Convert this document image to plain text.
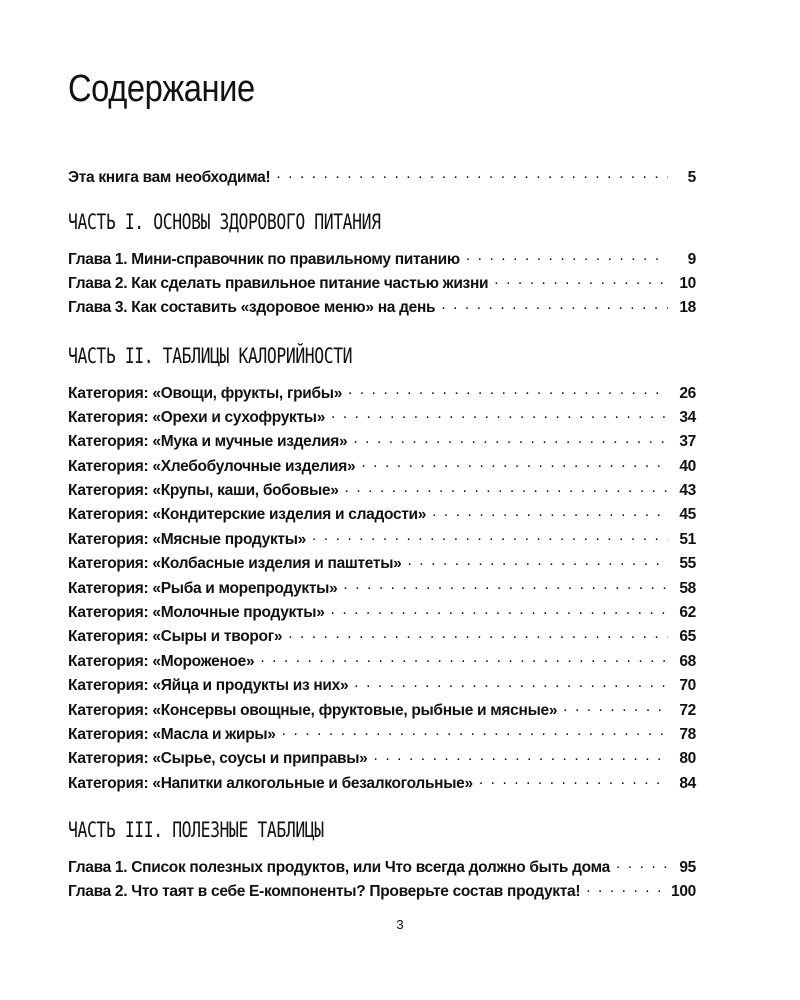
Содержание
Эта книга вам необходима! . . .	5
ЧАСТЬ I. ОСНОВЫ ЗДОРОВОГО ПИТАНИЯ
Глава 1. Мини-справочник по правильному питанию . . .	9
Глава 2. Как сделать правильное питание частью жизни . . .	10
Глава 3. Как составить «здоровое меню» на день . . .	18
ЧАСТЬ II. ТАБЛИЦЫ КАЛОРИЙНОСТИ
Категория: «Овощи, фрукты, грибы» . . .	26
Категория: «Орехи и сухофрукты» . . .	34
Категория: «Мука и мучные изделия» . . .	37
Категория: «Хлебобулочные изделия» . . .	40
Категория: «Крупы, каши, бобовые» . . .	43
Категория: «Кондитерские изделия и сладости» . . .	45
Категория: «Мясные продукты» . . .	51
Категория: «Колбасные изделия и паштеты» . . .	55
Категория: «Рыба и морепродукты» . . .	58
Категория: «Молочные продукты» . . .	62
Категория: «Сыры и творог» . . .	65
Категория: «Мороженое» . . .	68
Категория: «Яйца и продукты из них» . . .	70
Категория: «Консервы овощные, фруктовые, рыбные и мясные» . . .	72
Категория: «Масла и жиры» . . .	78
Категория: «Сырье, соусы и приправы» . . .	80
Категория: «Напитки алкогольные и безалкогольные» . . .	84
ЧАСТЬ III. ПОЛЕЗНЫЕ ТАБЛИЦЫ
Глава 1. Список полезных продуктов, или Что всегда должно быть дома . . .	95
Глава 2. Что таят в себе Е-компоненты? Проверьте состав продукта! . . .	100
3
